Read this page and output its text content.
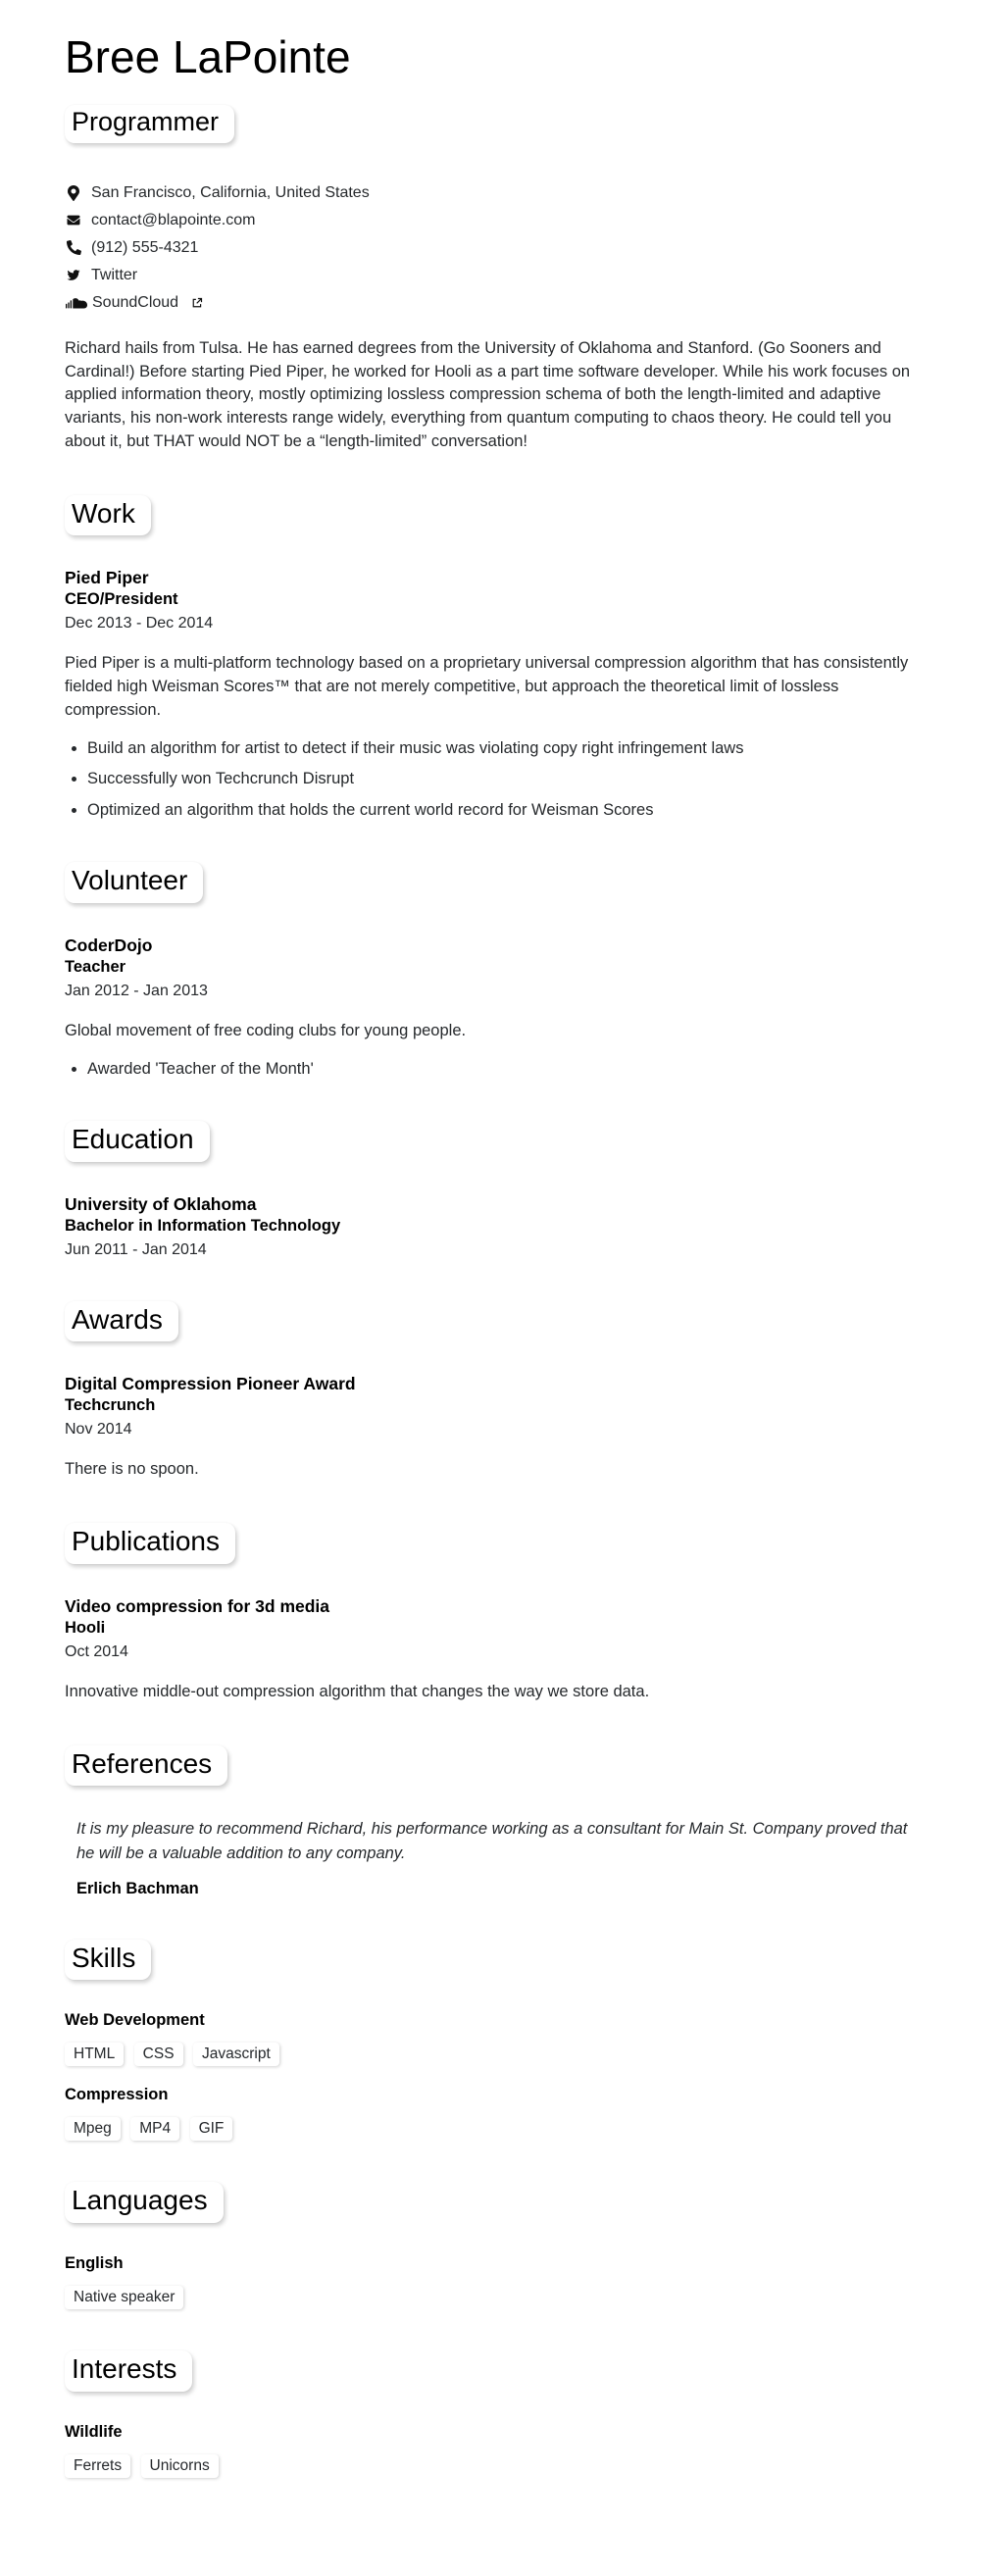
Bree LaPointe
Programmer
San Francisco, California, United States
contact@blapointe.com
(912) 555-4321
Twitter
SoundCloud

Richard hails from Tulsa. He has earned degrees from the University of Oklahoma and Stanford. (Go Sooners and Cardinal!) Before starting Pied Piper, he worked for Hooli as a part time software developer. While his work focuses on applied information theory, mostly optimizing lossless compression schema of both the length-limited and adaptive variants, his non-work interests range widely, everything from quantum computing to chaos theory. He could tell you about it, but THAT would NOT be a “length-limited” conversation!

Work

Pied Piper

CEO/President

Dec 2013 - Dec 2014

Pied Piper is a multi-platform technology based on a proprietary universal compression algorithm that has consistently fielded high Weisman Scores™ that are not merely competitive, but approach the theoretical limit of lossless compression.

• Build an algorithm for artist to detect if their music was violating copy right infringement laws
• Successfully won Techcrunch Disrupt
• Optimized an algorithm that holds the current world record for Weisman Scores
Volunteer

CoderDojo

Teacher

Jan 2012 - Jan 2013

Global movement of free coding clubs for young people.

• Awarded 'Teacher of the Month'
Education

University of Oklahoma

Bachelor in Information Technology

Jun 2011 - Jan 2014

Awards

Digital Compression Pioneer Award

Techcrunch

Nov 2014

There is no spoon.

Publications

Video compression for 3d media

Hooli

Oct 2014

Innovative middle-out compression algorithm that changes the way we store data.

References
It is my pleasure to recommend Richard, his performance working as a consultant for Main St. Company proved that he will be a valuable addition to any company.

Erlich Bachman

Skills

Web Development

HTML CSS Javascript

Compression

Mpeg MP4 GIF
Languages

English

Native speaker
Interests

Wildlife

Ferrets Unicorns
